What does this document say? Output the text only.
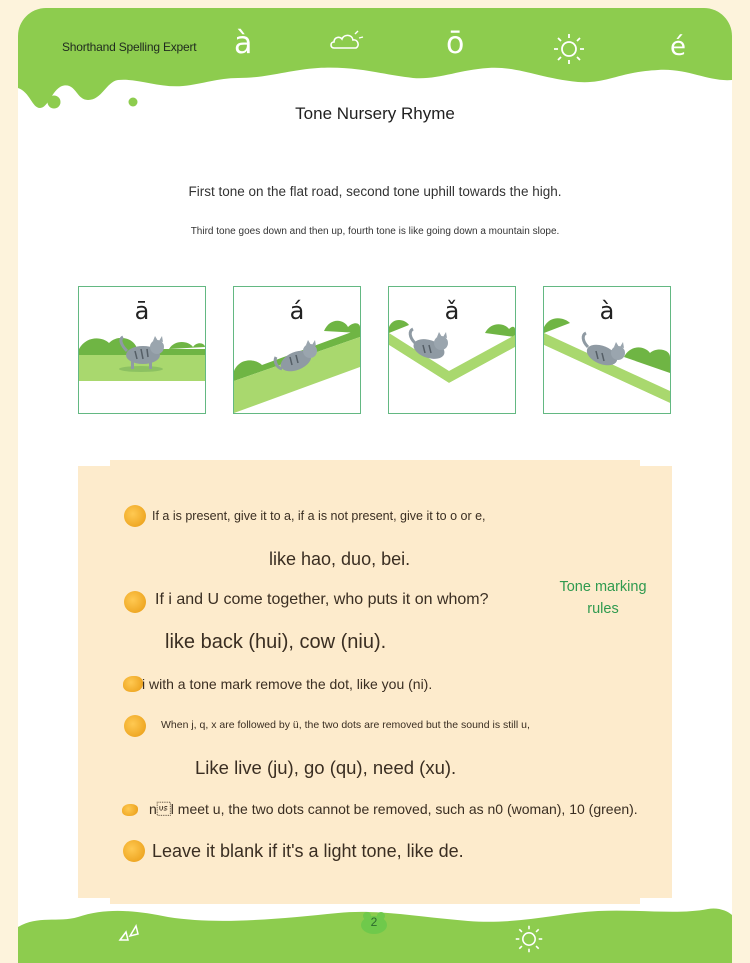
Shorthand Spelling Expert à	ō	é
Tone Nursery Rhyme
First tone on the flat road, second tone uphill towards the high.
Third tone goes down and then up, fourth tone is like going down a mountain slope.
ā	á	ǎ	à
If a is present, give it to a, if a is not present, give it to o or e,
like hao, duo, bei.
If i and U come together, who puts it on whom?
like back (hui), cow (niu).
i with a tone mark remove the dot, like you (ni).
When j, q, x are followed by ü, the two dots are removed but the sound is still u,
Like live (ju), go (qu), need (xu).
nl meet u, the two dots cannot be removed, such as n0 (woman), 10 (green).
Leave it blank if it's a light tone, like de.
Tone marking rules
2
